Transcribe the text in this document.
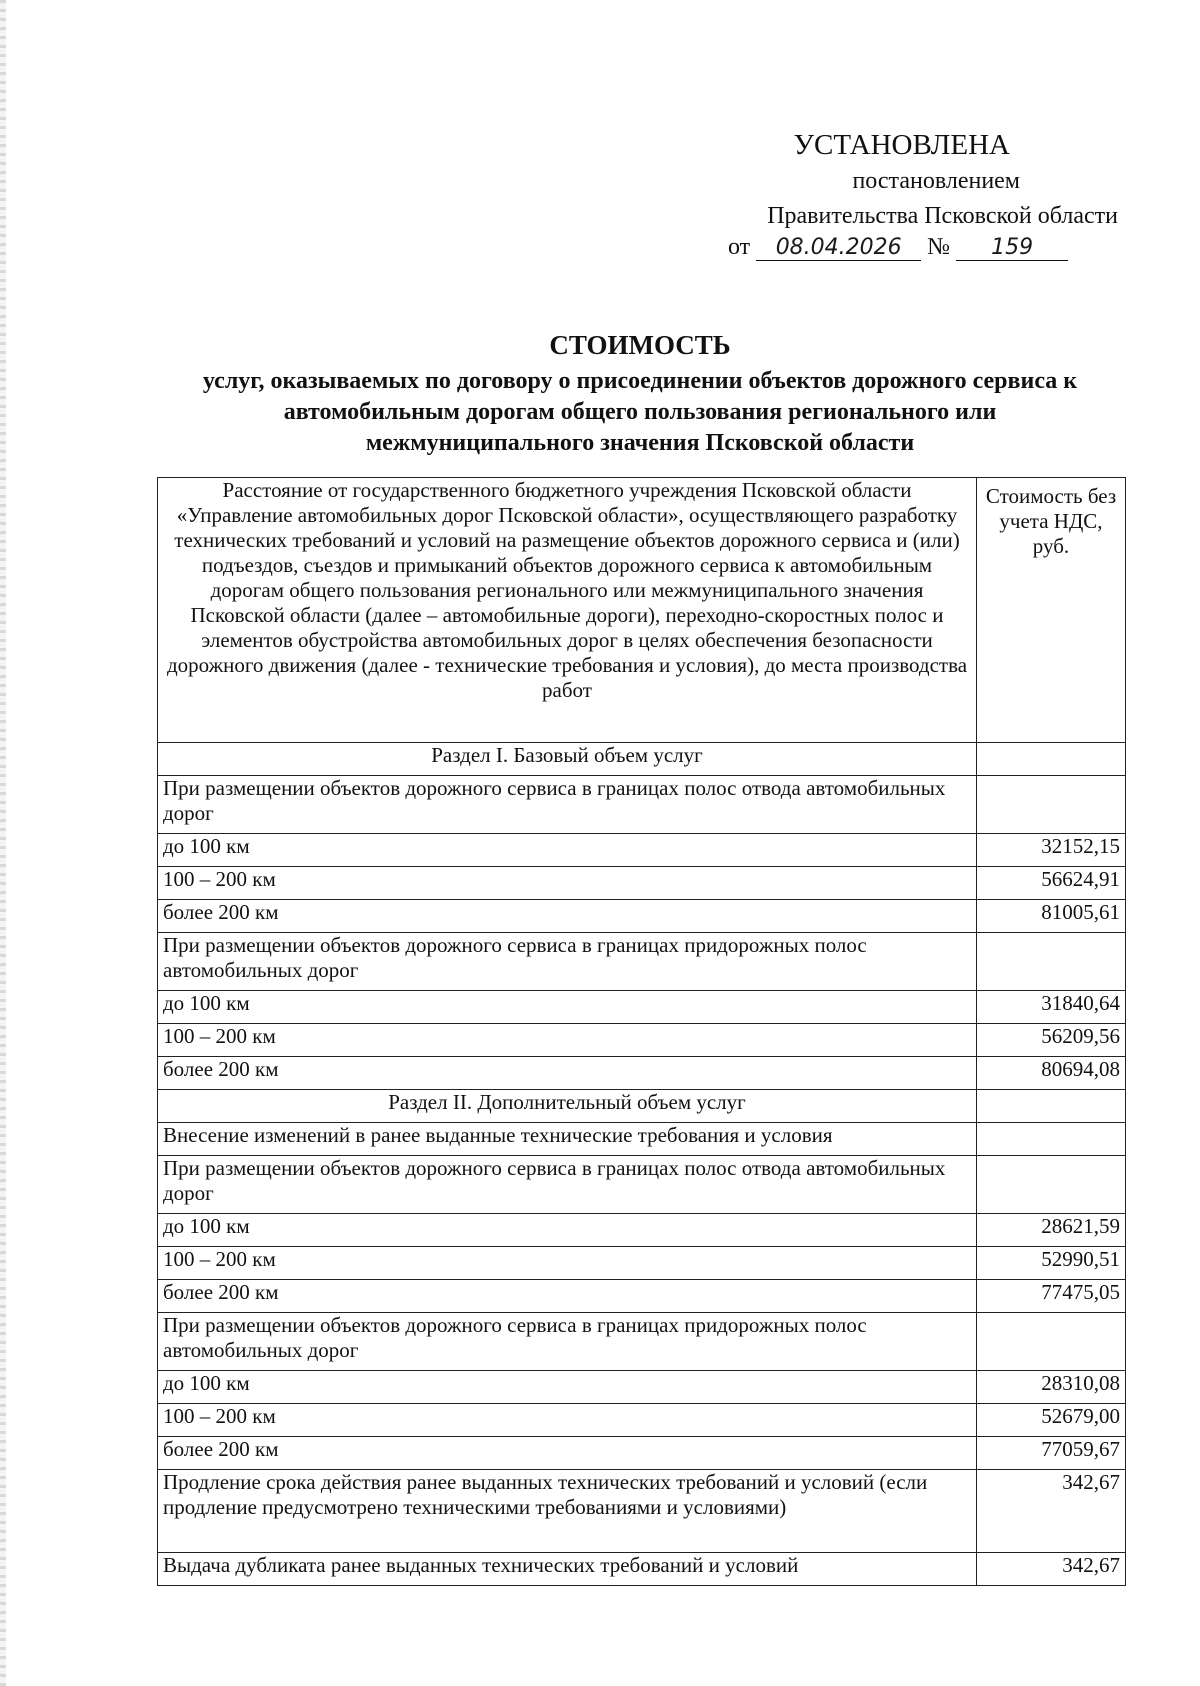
УСТАНОВЛЕНА
постановлением
Правительства Псковской области
от 08.04.2026 № 159
СТОИМОСТЬ
услуг, оказываемых по договору о присоединении объектов дорожного сервиса к автомобильным дорогам общего пользования регионального или межмуниципального значения Псковской области
Расстояние от государственного бюджетного учреждения Псковской области «Управление автомобильных дорог Псковской области», осуществляющего разработку технических требований и условий на размещение объектов дорожного сервиса и (или) подъездов, съездов и примыканий объектов дорожного сервиса к автомобильным дорогам общего пользования регионального или межмуниципального значения Псковской области (далее – автомобильные дороги), переходно-скоростных полос и элементов обустройства автомобильных дорог в целях обеспечения безопасности дорожного движения (далее - технические требования и условия), до места производства работ	Стоимость без учета НДС, руб.
Раздел I. Базовый объем услуг	
При размещении объектов дорожного сервиса в границах полос отвода автомобильных дорог	
до 100 км	32152,15
100 – 200 км	56624,91
более 200 км	81005,61
При размещении объектов дорожного сервиса в границах придорожных полос автомобильных дорог	
до 100 км	31840,64
100 – 200 км	56209,56
более 200 км	80694,08
Раздел II. Дополнительный объем услуг	
Внесение изменений в ранее выданные технические требования и условия	
При размещении объектов дорожного сервиса в границах полос отвода автомобильных дорог	
до 100 км	28621,59
100 – 200 км	52990,51
более 200 км	77475,05
При размещении объектов дорожного сервиса в границах придорожных полос автомобильных дорог	
до 100 км	28310,08
100 – 200 км	52679,00
более 200 км	77059,67
Продление срока действия ранее выданных технических требований и условий (если продление предусмотрено техническими требованиями и условиями)	342,67
Выдача дубликата ранее выданных технических требований и условий	342,67
